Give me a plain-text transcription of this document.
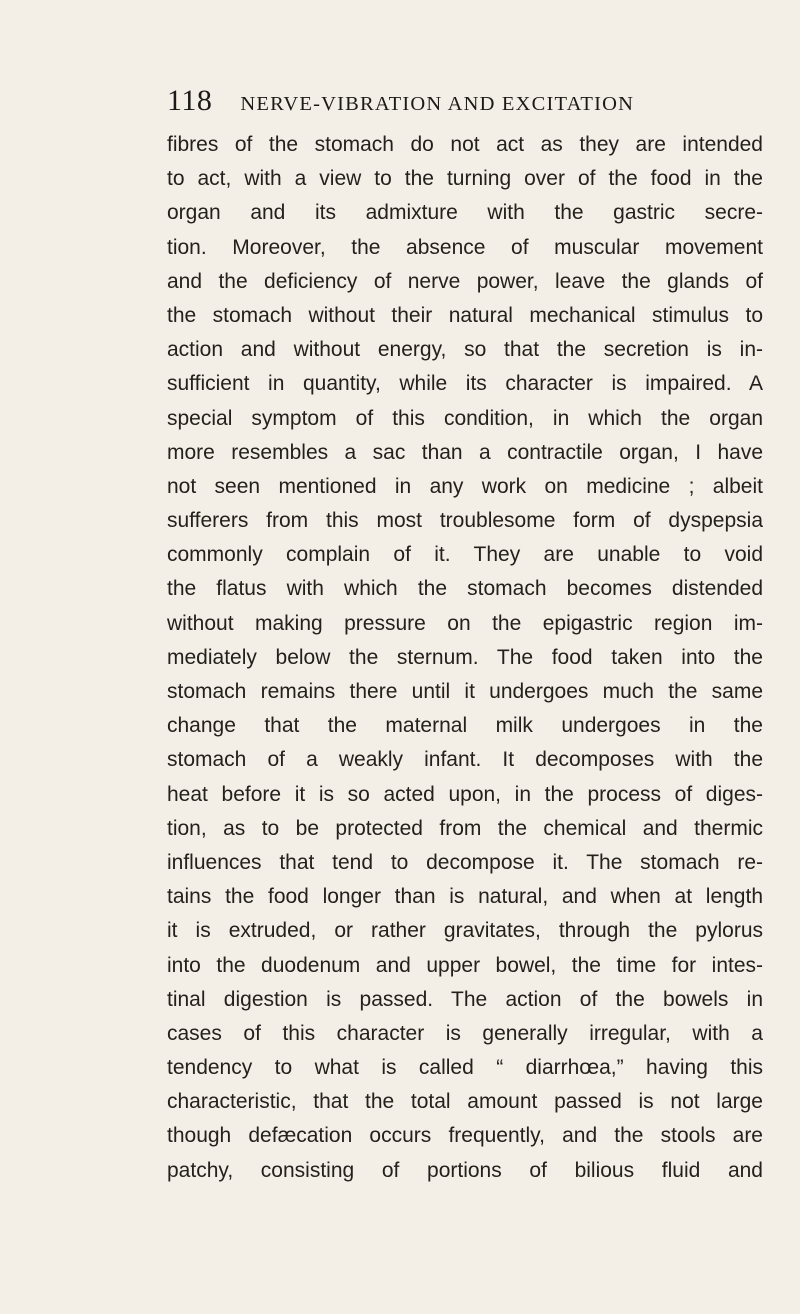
118 NERVE-VIBRATION AND EXCITATION
fibres of the stomach do not act as they are intended
to act, with a view to the turning over of the food in the
organ and its admixture with the gastric secre-
tion. Moreover, the absence of muscular movement
and the deficiency of nerve power, leave the glands of
the stomach without their natural mechanical stimulus to
action and without energy, so that the secretion is in-
sufficient in quantity, while its character is impaired. A
special symptom of this condition, in which the organ
more resembles a sac than a contractile organ, I have
not seen mentioned in any work on medicine ; albeit
sufferers from this most troublesome form of dyspepsia
commonly complain of it. They are unable to void
the flatus with which the stomach becomes distended
without making pressure on the epigastric region im-
mediately below the sternum. The food taken into the
stomach remains there until it undergoes much the same
change that the maternal milk undergoes in the
stomach of a weakly infant. It decomposes with the
heat before it is so acted upon, in the process of diges-
tion, as to be protected from the chemical and thermic
influences that tend to decompose it. The stomach re-
tains the food longer than is natural, and when at length
it is extruded, or rather gravitates, through the pylorus
into the duodenum and upper bowel, the time for intes-
tinal digestion is passed. The action of the bowels in
cases of this character is generally irregular, with a
tendency to what is called “ diarrhœa,” having this
characteristic, that the total amount passed is not large
though defæcation occurs frequently, and the stools are
patchy, consisting of portions of bilious fluid and
